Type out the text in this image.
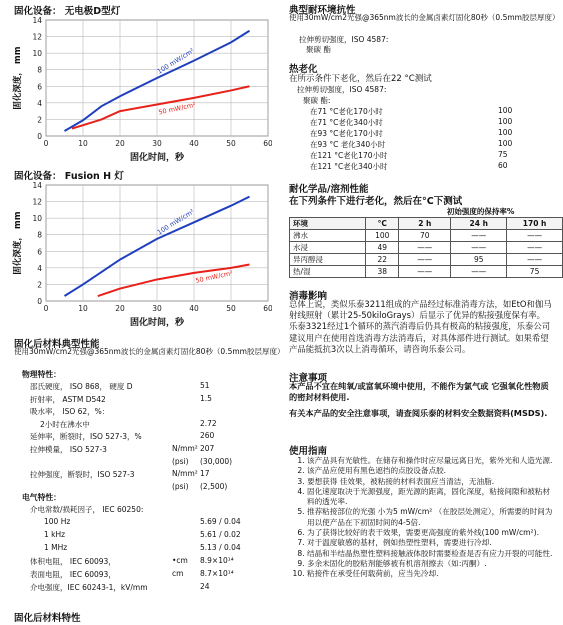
固化设备： 无电极D型灯
0
2
4
6
8
10
12
14
0	10	20	30	40	50	60
固化时间，秒
固化深度， mm	100 mW/cm²
50 mW/cm²
固化设备： Fusion H 灯
0
2
4
6
8
10
12
14
0	10	20	30	40	50	60
固化时间，秒
固化深度， mm	100 mW/cm²
50 mW/cm²
固化后材料典型性能
使用30mW/cm2光强@365nm波长的金属卤素灯固化80秒（0.5mm胶层厚度）
物理特性：
邵氏硬度， ISO 868， 硬度 D	51
折射率， ASTM D542	1.5
吸水率， ISO 62，%：
2小时在沸水中	2.72
延伸率，断裂时，ISO 527-3，%	260
拉伸模量， ISO 527-3	N/mm² 207
(psi) (30,000)
拉伸强度，断裂时，ISO 527-3	N/mm² 17
(psi) (2,500)
电气特性：
介电常数/损耗因子， IEC 60250:
100 Hz	5.69 / 0.04
1 kHz	5.61 / 0.02
1 MHz	5.13 / 0.04
体积电阻， IEC 60093，	•cm 8.9×10¹⁴
表面电阻， IEC 60093，	cm 8.7×10¹⁴
介电强度，IEC 60243-1，kV/mm	24
固化后材料特性
典型耐环境抗性
使用30mW/cm2光强@365nm波长的金属卤素灯固化80秒（0.5mm胶层厚度）
拉伸剪切强度，ISO 4587:
聚碳 酯
热老化
在所示条件下老化，然后在22 °C测试
拉伸剪切强度，ISO 4587:
聚碳 酯:
在71 °C老化170小时	100
在71 °C老化340小时	100
在93 °C老化170小时	100
在93 °C 老化340小时	100
在121 °C老化170小时	75
在121 °C老化340小时	60
耐化学品/溶剂性能
在下列条件下进行老化，然后在°C下测试
		初始强度的保持率%		
环境	°C	2 h	24 h	170 h
沸水	100	70	——	——
水浸	49	——	——	——
异丙醇浸	22	——	95	——
热/湿	38	——	——	75
消毒影响
总体上说，类似乐泰3211组成的产品经过标准消毒方法，如EtO和伽马射线照射（累计25-50kiloGrays）后显示了优异的粘接强度保有率。 乐泰3321经过1个循环的蒸汽消毒后仍具有极高的粘接强度，乐泰公司建议用户在使用首选消毒方法消毒后，对具体部件进行测试。如果希望产品能抵抗3次以上消毒循环，请咨询乐泰公司。
注意事项
本产品不宜在纯氧/或富氧环境中使用，不能作为氯气或 它强氧化性物质的密封材料使用.
有关本产品的安全注意事项，请查阅乐泰的材料安全数据资料(MSDS).
使用指南
1. 该产品具有光敏性。在储存和操作时应尽量远离日光，紫外光和人造光源.
2. 该产品应使用有黑色遮挡的点胶设备点胶.
3. 要想获得 佳效果，被粘接的材料表面应当清洁，无油脂.
4. 固化速度取决于光源强度，距光源的距离，固化深度，粘接间隙和被粘材料的透光率.
5. 推荐粘接部位的光强 小为5 mW/cm² （在胶层处测定），所需要的时间为用以使产品在下初固时间的4-5倍.
6. 为了获得比较好的表干效果，需要更高强度的紫外线(100 mW/cm²).
7. 对于温度敏感的基材，例如热塑性塑料，需要进行冷却.
8. 结晶和半结晶热塑性塑料接触液体胶时需要检查是否有应力开裂的可能性.
9. 多余未固化的胶粘剂能够被有机溶剂擦去（如:丙酮）.
10. 粘接件在承受任何载荷前，应当先冷却.
